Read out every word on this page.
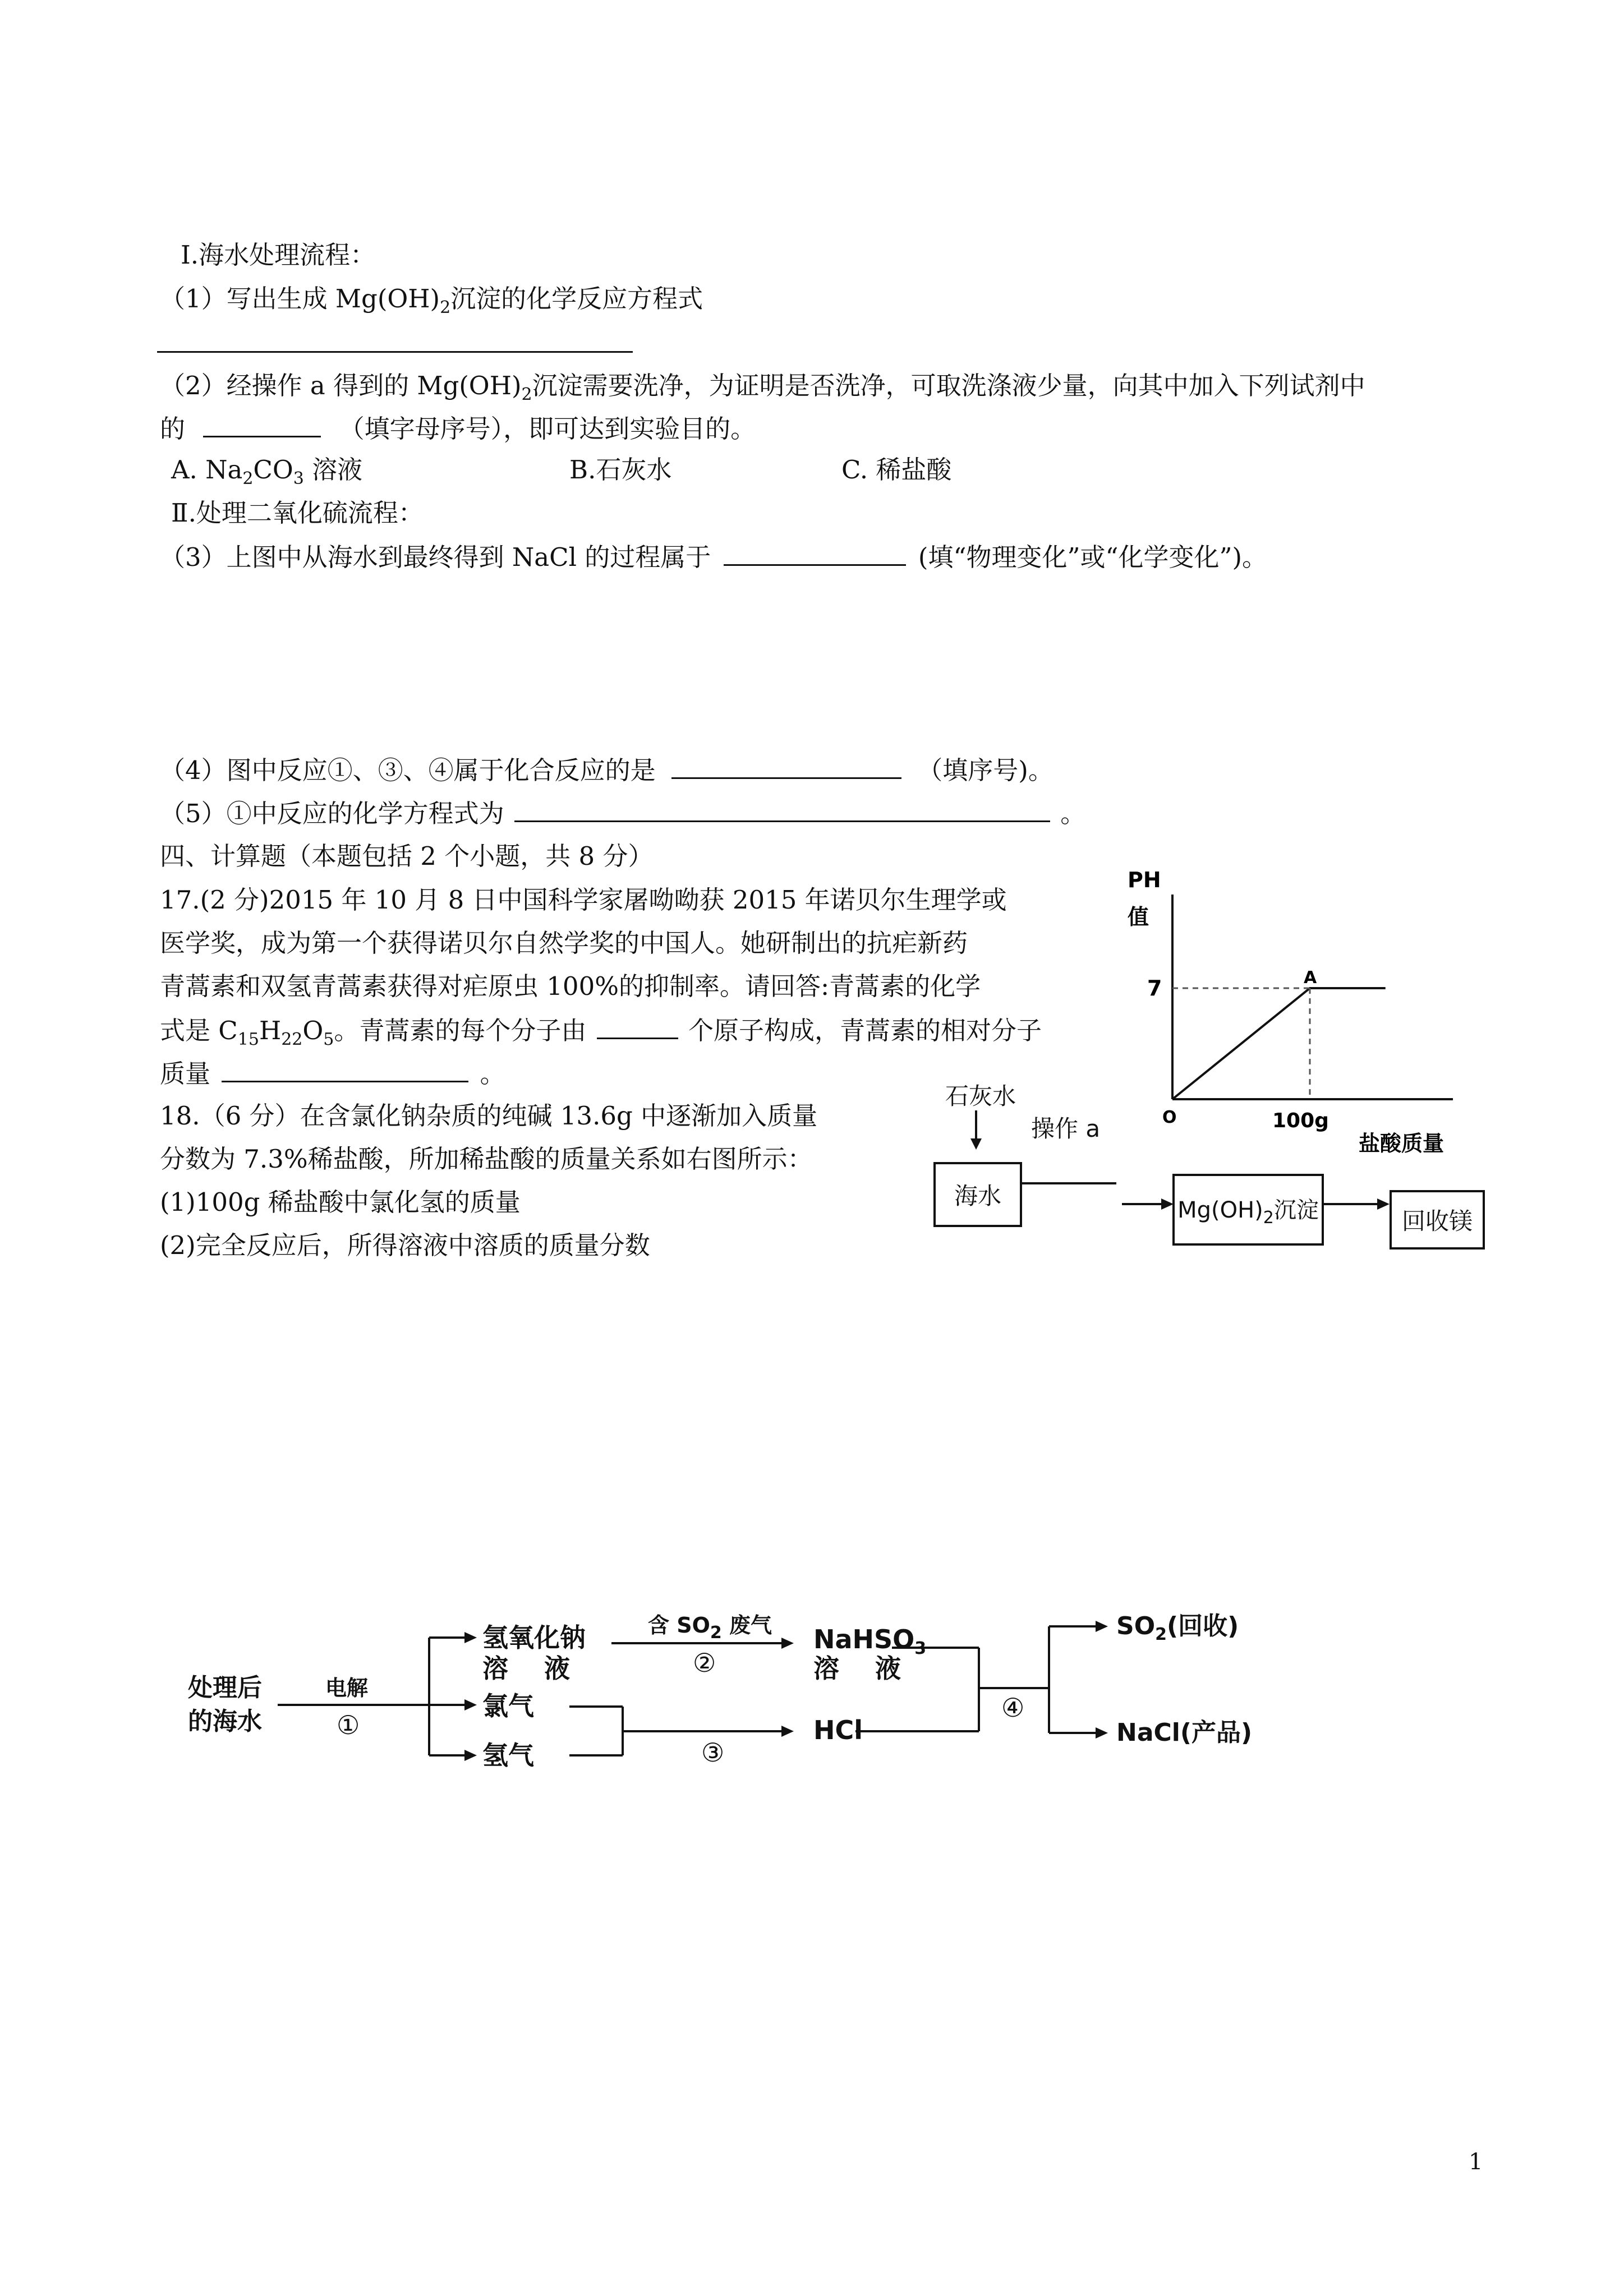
Ⅰ.海水处理流程：
（1）写出生成 $Mg(OH)_2$沉淀的化学反应方程式
（2）经操作 a 得到的 $Mg(OH)_2$沉淀需要洗净，为证明是否洗净，可取洗涤液少量，向其中加入下列试剂中
的	（填字母序号），即可达到实验目的。
A. $Na_2CO_3$ 溶液	B.石灰水	C. 稀盐酸
Ⅱ.处理二氧化硫流程：
（3）上图中从海水到最终得到 NaCl 的过程属于	(填“物理变化”或“化学变化”)。
（4）图中反应①、③、④属于化合反应的是	（填序号)。
（5）①中反应的化学方程式为	。
四、计算题（本题包括 2 个小题，共 8 分）
17.(2 分)2015 年 10 月 8 日中国科学家屠呦呦获 2015 年诺贝尔生理学或
医学奖，成为第一个获得诺贝尔自然学奖的中国人。她研制出的抗疟新药
青蒿素和双氢青蒿素获得对疟原虫 100%的抑制率。请回答:青蒿素的化学
式是 $C_{15}H_{22}O_5$。青蒿素的每个分子由	个原子构成，青蒿素的相对分子
质量	。
18.（6 分）在含氯化钠杂质的纯碱 13.6g 中逐渐加入质量
分数为 7.3%稀盐酸，所加稀盐酸的质量关系如右图所示：
(1)100g 稀盐酸中氯化氢的质量
(2)完全反应后，所得溶液中溶质的质量分数
PH
值
7
O	100g
盐酸质量
A
石灰水
操作 a
海水
$Mg(OH)_2$沉淀	回收镁
处理后
的海水
电解
①
氢氧化钠
溶    液
氯气
氢气
含 $SO_2$ 废气
②
③
NaHSO$_3$
溶    液
HCl
④
$SO_2$(回收)
NaCl(产品)
1
